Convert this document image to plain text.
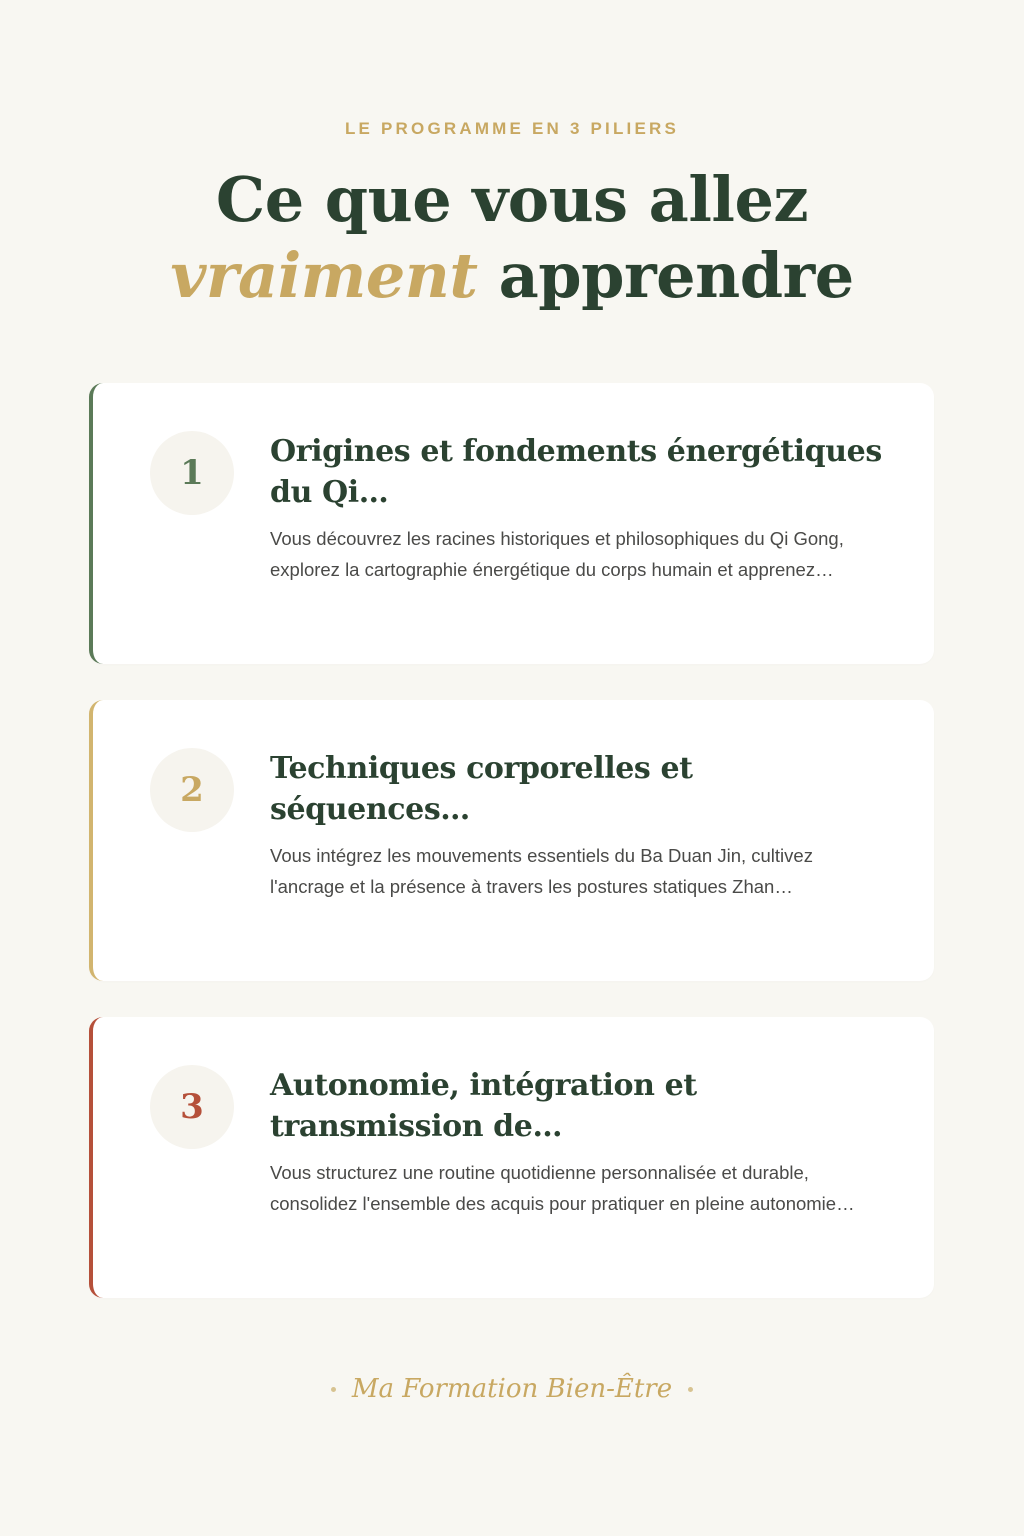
LE PROGRAMME EN 3 PILIERS
Ce que vous allez
vraiment apprendre
1
Origines et fondements énergétiques du Qi…

Vous découvrez les racines historiques et philosophiques du Qi Gong, explorez la cartographie énergétique du corps humain et apprenez…

2
Techniques corporelles et séquences…

Vous intégrez les mouvements essentiels du Ba Duan Jin, cultivez l'ancrage et la présence à travers les postures statiques Zhan…

3
Autonomie, intégration et transmission de…

Vous structurez une routine quotidienne personnalisée et durable, consolidez l'ensemble des acquis pour pratiquer en pleine autonomie…

Ma Formation Bien-Être
